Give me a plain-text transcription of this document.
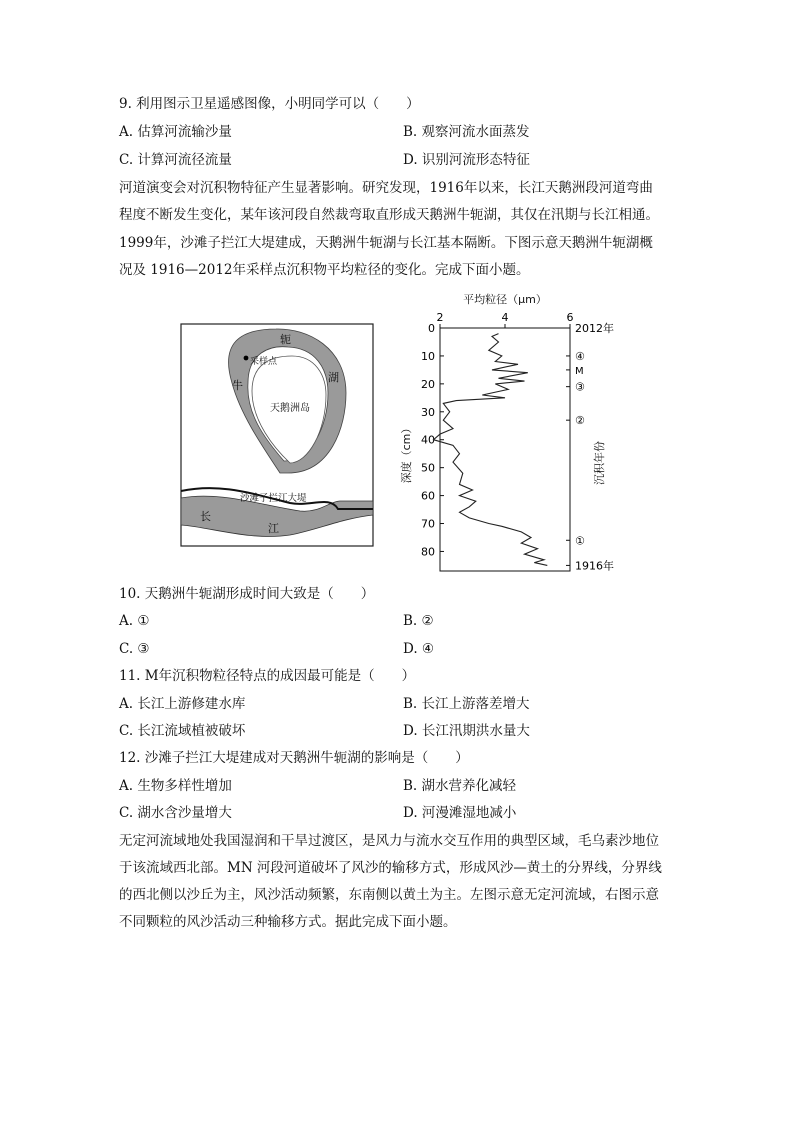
9. 利用图示卫星遥感图像，小明同学可以（　　）
A. 估算河流输沙量	B. 观察河流水面蒸发
C. 计算河流径流量	D. 识别河流形态特征
河道演变会对沉积物特征产生显著影响。研究发现，1916年以来，长江天鹅洲段河道弯曲
程度不断发生变化，某年该河段自然裁弯取直形成天鹅洲牛轭湖，其仅在汛期与长江相通。
1999年，沙滩子拦江大堤建成，天鹅洲牛轭湖与长江基本隔断。下图示意天鹅洲牛轭湖概
况及 1916—2012年采样点沉积物平均粒径的变化。完成下面小题。
轭
采样点
牛
湖
天鹅洲岛
沙滩子拦江大堤
长
江
平均粒径（μm）
2	4	6
0
10
20
30
40
50
60
70
80
2012年
④
M
③
②
①
1916年
深度（cm）	沉积年份
10. 天鹅洲牛轭湖形成时间大致是（　　）
A. ①	B. ②
C. ③	D. ④
11. M年沉积物粒径特点的成因最可能是（　　）
A. 长江上游修建水库	B. 长江上游落差增大
C. 长江流域植被破坏	D. 长江汛期洪水量大
12. 沙滩子拦江大堤建成对天鹅洲牛轭湖的影响是（　　）
A. 生物多样性增加	B. 湖水营养化减轻
C. 湖水含沙量增大	D. 河漫滩湿地减小
无定河流域地处我国湿润和干旱过渡区，是风力与流水交互作用的典型区域，毛乌素沙地位
于该流域西北部。MN 河段河道破坏了风沙的输移方式，形成风沙—黄土的分界线，分界线
的西北侧以沙丘为主，风沙活动频繁，东南侧以黄土为主。左图示意无定河流域，右图示意
不同颗粒的风沙活动三种输移方式。据此完成下面小题。
